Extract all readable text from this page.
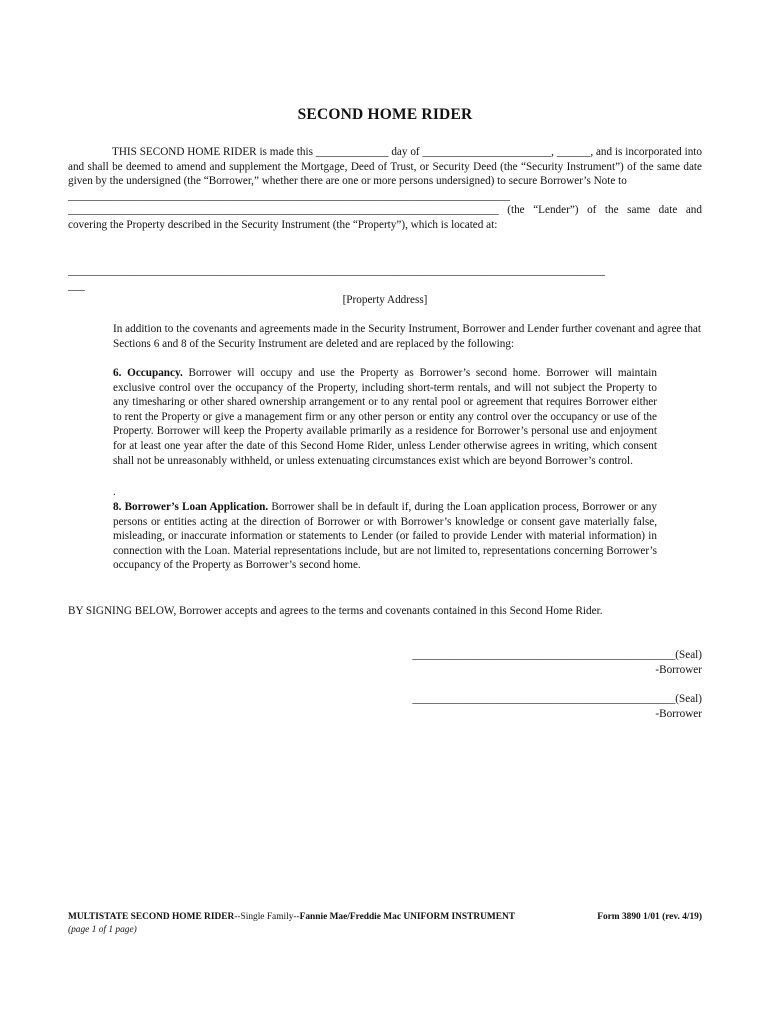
SECOND HOME RIDER

THIS SECOND HOME RIDER is made this _____________ day of _______________________, ______, and is incorporated into and shall be deemed to amend and supplement the Mortgage, Deed of Trust, or Security Deed (the “Security Instrument”) of the same date given by the undersigned (the “Borrower,” whether there are one or more persons undersigned) to secure Borrower’s Note to

_______________________________________________________________________________

_____________________________________________________________________________ (the “Lender”) of the same date and covering the Property described in the Security Instrument (the “Property”), which is located at:

________________________________________________________________________________________________
___
[Property Address]

In addition to the covenants and agreements made in the Security Instrument, Borrower and Lender further covenant and agree that Sections 6 and 8 of the Security Instrument are deleted and are replaced by the following:

6. Occupancy. Borrower will occupy and use the Property as Borrower’s second home. Borrower will maintain exclusive control over the occupancy of the Property, including short-term rentals, and will not subject the Property to any timesharing or other shared ownership arrangement or to any rental pool or agreement that requires Borrower either to rent the Property or give a management firm or any other person or entity any control over the occupancy or use of the Property. Borrower will keep the Property available primarily as a residence for Borrower’s personal use and enjoyment for at least one year after the date of this Second Home Rider, unless Lender otherwise agrees in writing, which consent shall not be unreasonably withheld, or unless extenuating circumstances exist which are beyond Borrower’s control.
.
8. Borrower’s Loan Application. Borrower shall be in default if, during the Loan application process, Borrower or any persons or entities acting at the direction of Borrower or with Borrower’s knowledge or consent gave materially false, misleading, or inaccurate information or statements to Lender (or failed to provide Lender with material information) in connection with the Loan. Material representations include, but are not limited to, representations concerning Borrower’s occupancy of the Property as Borrower’s second home.
BY SIGNING BELOW, Borrower accepts and agrees to the terms and covenants contained in this Second Home Rider.
_______________________________________________(Seal)
-Borrower
_______________________________________________(Seal)
-Borrower
MULTISTATE SECOND HOME RIDER--Single Family--Fannie Mae/Freddie Mac UNIFORM INSTRUMENT	Form 3890 1/01 (rev. 4/19)
(page 1 of 1 page)
